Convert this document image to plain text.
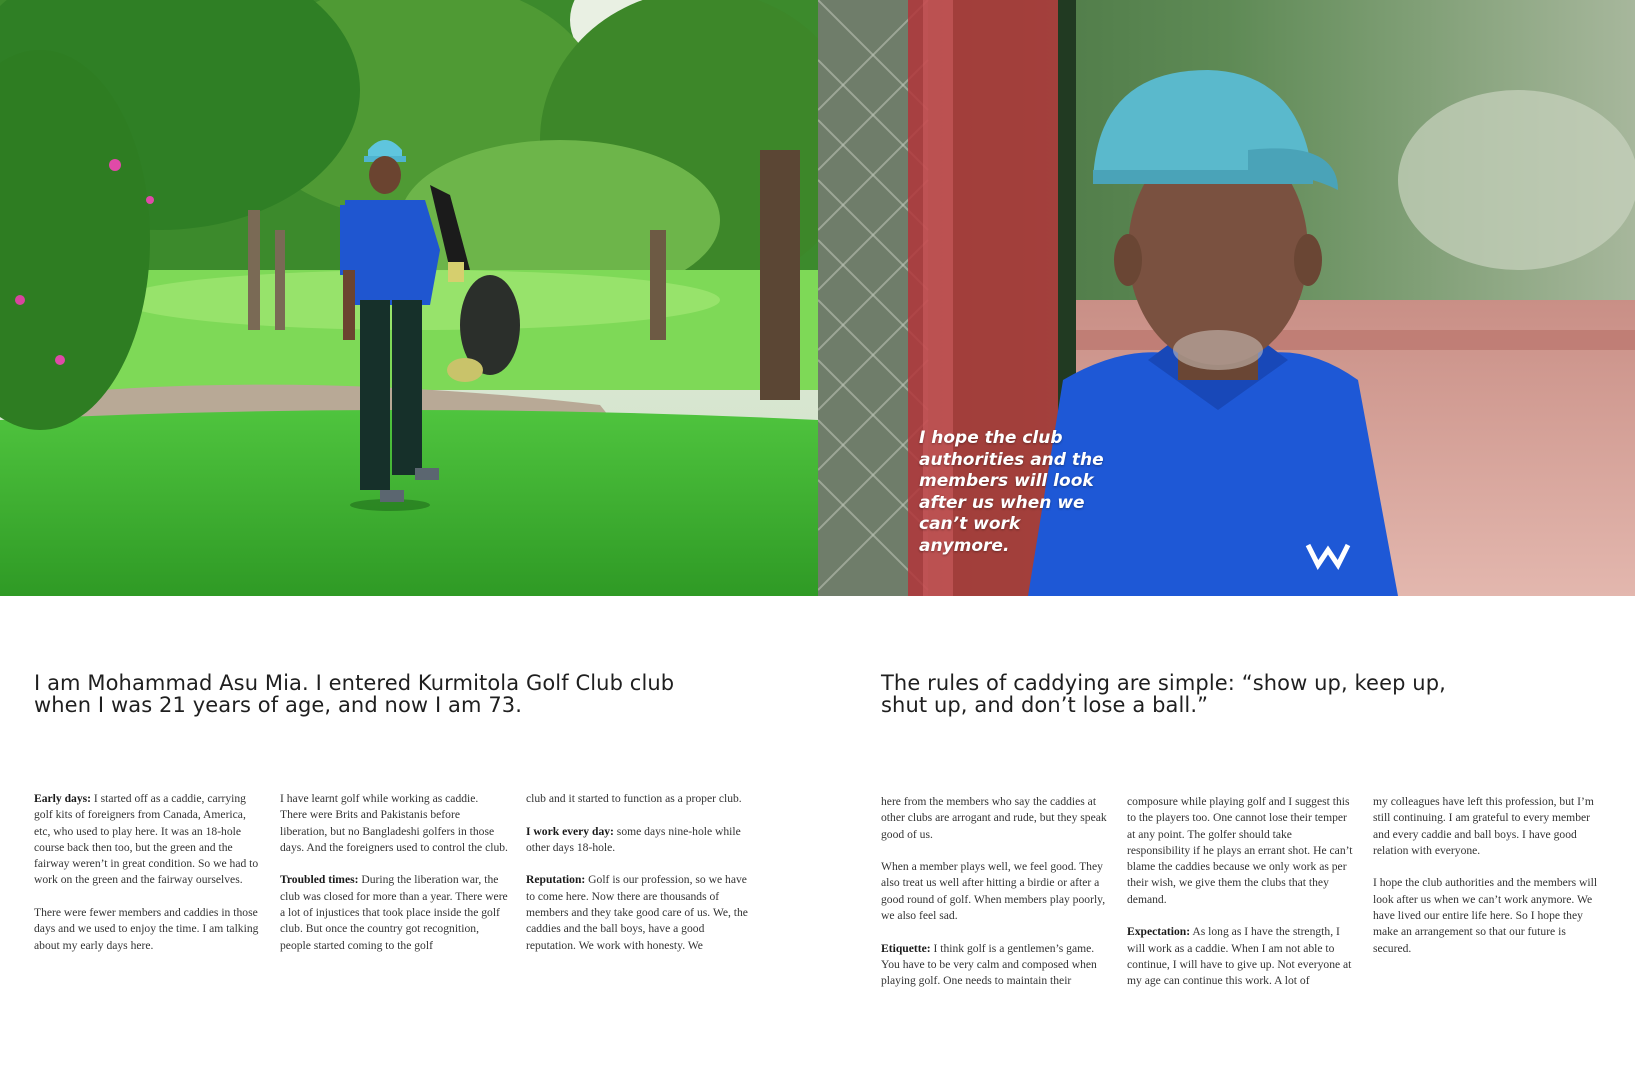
I hope the club authorities and the members will look after us when we can’t work anymore.
I am Mohammad Asu Mia. I entered Kurmitola Golf Club club when I was 21 years of age, and now I am 73.
The rules of caddying are simple: “show up, keep up, shut up, and don’t lose a ball.”

Early days: I started off as a caddie, carrying golf kits of foreigners from Canada, America, etc, who used to play here. It was an 18-hole course back then too, but the green and the fairway weren’t in great condition. So we had to work on the green and the fairway ourselves.

There were fewer members and caddies in those days and we used to enjoy the time. I am talking about my early days here.

I have learnt golf while working as caddie. There were Brits and Pakistanis before liberation, but no Bangladeshi golfers in those days. And the foreigners used to control the club.

Troubled times: During the liberation war, the club was closed for more than a year. There were a lot of injustices that took place inside the golf club. But once the country got recognition, people started coming to the golf

club and it started to function as a proper club.

I work every day: some days nine-hole while other days 18-hole.

Reputation: Golf is our profession, so we have to come here. Now there are thousands of members and they take good care of us. We, the caddies and the ball boys, have a good reputation. We work with honesty. We

here from the members who say the caddies at other clubs are arrogant and rude, but they speak good of us.

When a member plays well, we feel good. They also treat us well after hitting a birdie or after a good round of golf. When members play poorly, we also feel sad.

Etiquette: I think golf is a gentlemen’s game. You have to be very calm and composed when playing golf. One needs to maintain their

composure while playing golf and I suggest this to the players too. One cannot lose their temper at any point. The golfer should take responsibility if he plays an errant shot. He can’t blame the caddies because we only work as per their wish, we give them the clubs that they demand.

Expectation: As long as I have the strength, I will work as a caddie. When I am not able to continue, I will have to give up. Not everyone at my age can continue this work. A lot of

my colleagues have left this profession, but I’m still continuing. I am grateful to every member and every caddie and ball boys. I have good relation with everyone.

I hope the club authorities and the members will look after us when we can’t work anymore. We have lived our entire life here. So I hope they make an arrangement so that our future is secured.
